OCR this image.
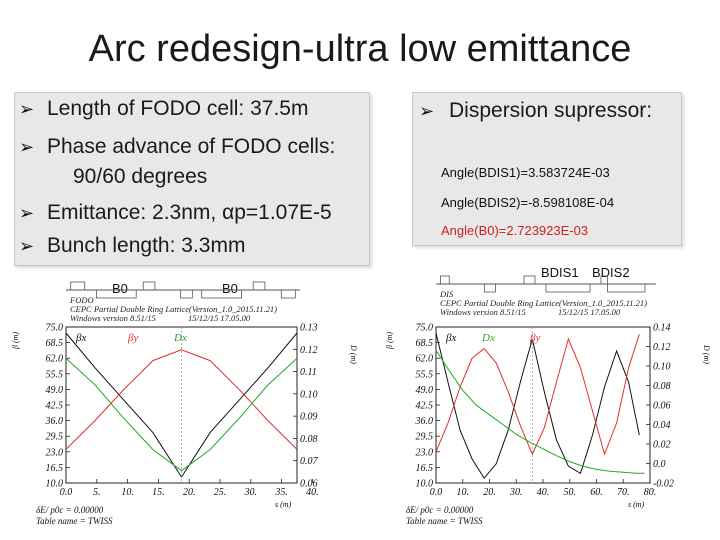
Arc redesign-ultra low emittance
➢ Length of FODO cell: 37.5m
➢ Phase advance of FODO cells:
90/60 degrees
➢ Emittance: 2.3nm, αp=1.07E-5
➢ Bunch length: 3.3mm
➢ Dispersion supressor:
Angle(BDIS1)=3.583724E-03
Angle(BDIS2)=-8.598108E-04
Angle(B0)=2.723923E-03
B0	B0
BDIS1 BDIS2
FODO
CEPC Partial Double Ring Lattice(Version_1.0_2015.11.21)
Windows version 8.51/15	15/12/15 17.05.00
10.0
16.5
23.0
29.5
36.0
42.5
49.0
55.5
62.0
68.5
75.0
0.06
0.07
0.08
0.09
0.10
0.11
0.12
0.13
0.0 5. 10. 15. 20. 25. 30. 35. 40.
s (m)
β (m)
D (m)
βx	βy	Dx
δE/ p0c = 0.00000
Table name = TWISS
DIS
CEPC Partial Double Ring Lattice(Version_1.0_2015.11.21)
Windows version 8.51/15	15/12/15 17.05.00
10.0
16.5
23.0
29.5
36.0
42.5
49.0
55.5
62.0
68.5
75.0
-0.02
0.0
0.02
0.04
0.06
0.08
0.10
0.12
0.14
0.0 10. 20. 30. 40. 50. 60. 70. 80.
s (m)
β (m)
D (m)
βx Dx	βy
δE/ p0c = 0.00000
Table name = TWISS
